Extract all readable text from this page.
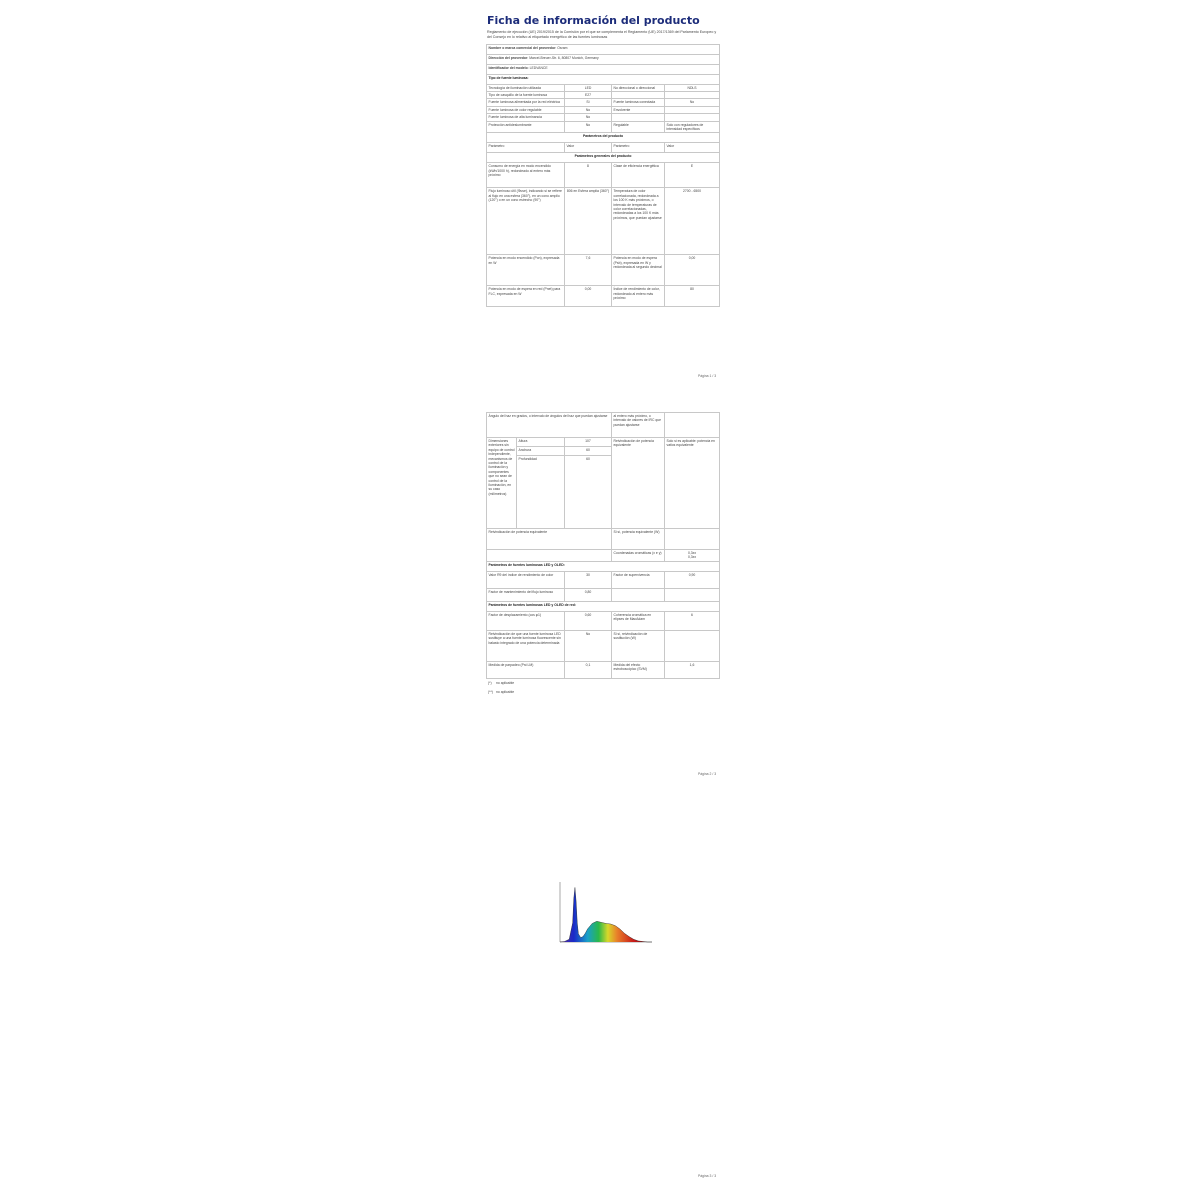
Ficha de información del producto
Reglamento de ejecución (UE) 2019/2015 de la Comisión por el que se complementa el Reglamento (UE) 2017/1369 del Parlamento Europeo y del Consejo en lo relativo al etiquetado energético de las fuentes luminosas
Nombre o marca comercial del proveedor: Osram			
Dirección del proveedor: Marcel-Breuer-Str. 6, 80807 Munich, Germany			
Identificador del modelo: LEDVANCE			
Tipo de fuente luminosa:			
Tecnología de iluminación utilizada	LED	No direccional o direccional	NDLS
Tipo de casquillo de la fuente luminosa	E27		
Fuente luminosa alimentada por la red eléctrica	Sí	Fuente luminosa conectada	No
Fuente luminosa de color regulable	No	Envolvente	
Fuente luminosa de alta luminancia	No		
Protección antideslumbrante	No	Regulable	Solo con reguladores de intensidad específicos
Parámetros del producto			
Parámetro	Valor	Parámetro	Valor
Parámetros generales del producto			
Consumo de energía en modo encendido (kWh/1000 h), redondeado al entero más próximo	8	Clase de eficiencia energética	E
Flujo luminoso útil (Φuse), indicando si se refiere al flujo en una esfera (360°), en un cono amplio (120°) o en un cono estrecho (90°)	806 en Esfera amplia (360°)	Temperatura de color correlacionada, redondeada a los 100 K más próximos, o intervalo de temperaturas de color correlacionadas, redondeadas a los 100 K más próximos, que puedan ajustarse	2700 - 6500
Potencia en modo encendido (Pon), expresada en W	7,6	Potencia en modo de espera (Psb), expresada en W y redondeada al segundo decimal	0,00
Potencia en modo de espera en red (Pnet) para FLC, expresada en W	0,00	Índice de rendimiento de color, redondeado al entero más próximo	80
Página 1 / 3
Ángulo del haz en grados, o intervalo de ángulos del haz que puedan ajustarse			al entero más próximo, o intervalo de valores de IRC que puedan ajustarse	
Dimensiones exteriores sin equipo de control independiente, mecanismos de control de la iluminación y componentes que no sean de control de la iluminación, en su caso (milímetros)	Altura	107	Reivindicación de potencia equivalente	Solo si es aplicable: potencia en vatios equivalente
	Anchura	60		
	Profundidad	60		
Reivindicación de potencia equivalente			Si sí, potencia equivalente (W)	
			Coordenadas cromáticas (x e y)	0,3xx
0,3xx
Parámetros de fuentes luminosas LED y OLED:				
Valor R9 del índice de rendimiento de color		30	Factor de supervivencia	0,90
Factor de mantenimiento del flujo luminoso		0,80		
Parámetros de fuentes luminosas LED y OLED de red:				
Factor de desplazamiento (cos φ1)		0,60	Coherencia cromática en elipses de MacAdam	6
Reivindicación de que una fuente luminosa LED sustituye a una fuente luminosa fluorescente sin balasto integrado de una potencia determinada		No	Si sí, reivindicación de sustitución (W)	
Medida de parpadeo (Pst LM)		0,1	Medida del efecto estroboscópico (SVM)	1,6
(*) no aplicable
(**) no aplicable
Página 2 / 3
Página 3 / 3
